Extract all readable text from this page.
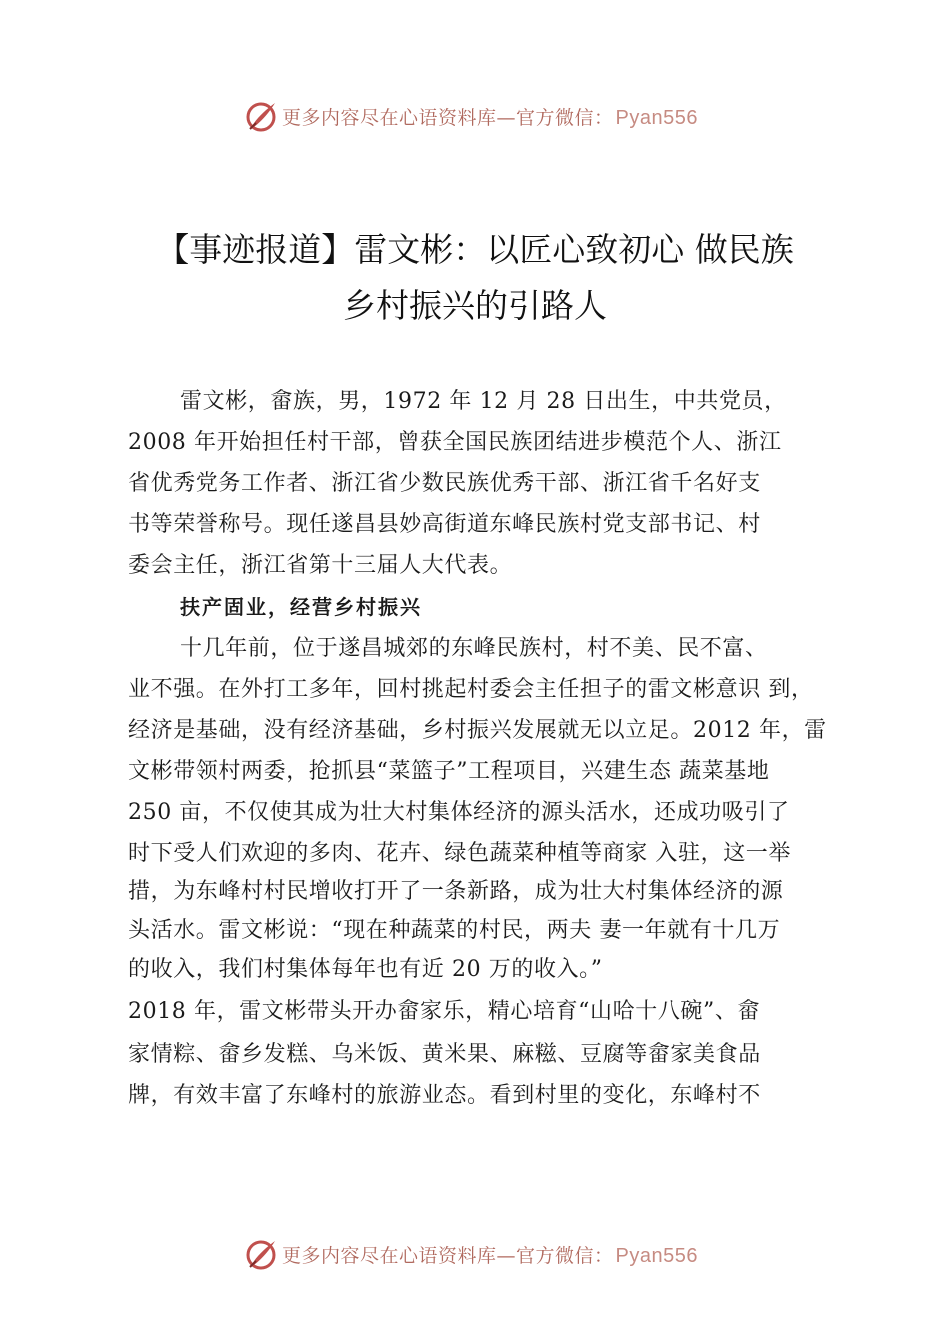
更多内容尽在心语资料库—官方微信： Pyan556
【事迹报道】雷文彬：以匠心致初心 做民族
乡村振兴的引路人
雷文彬，畲族，男，1972 年 12 月 28 日出生，中共党员，
2008 年开始担任村干部，曾获全国民族团结进步模范个人、浙江
省优秀党务工作者、浙江省少数民族优秀干部、浙江省千名好支
书等荣誉称号。现任遂昌县妙高街道东峰民族村党支部书记、村
委会主任，浙江省第十三届人大代表。
扶产固业，经营乡村振兴
十几年前，位于遂昌城郊的东峰民族村，村不美、民不富、
业不强。在外打工多年，回村挑起村委会主任担子的雷文彬意识 到，
经济是基础，没有经济基础，乡村振兴发展就无以立足。2012 年，雷
文彬带领村两委，抢抓县“菜篮子”工程项目，兴建生态 蔬菜基地
250 亩，不仅使其成为壮大村集体经济的源头活水，还成功吸引了
时下受人们欢迎的多肉、花卉、绿色蔬菜种植等商家 入驻，这一举
措，为东峰村村民增收打开了一条新路，成为壮大村集体经济的源
头活水。雷文彬说：“现在种蔬菜的村民，两夫 妻一年就有十几万
的收入，我们村集体每年也有近 20 万的收入。”
2018 年，雷文彬带头开办畲家乐，精心培育“山哈十八碗”、畲
家情粽、畲乡发糕、乌米饭、黄米果、麻糍、豆腐等畲家美食品
牌，有效丰富了东峰村的旅游业态。看到村里的变化，东峰村不
更多内容尽在心语资料库—官方微信： Pyan556
